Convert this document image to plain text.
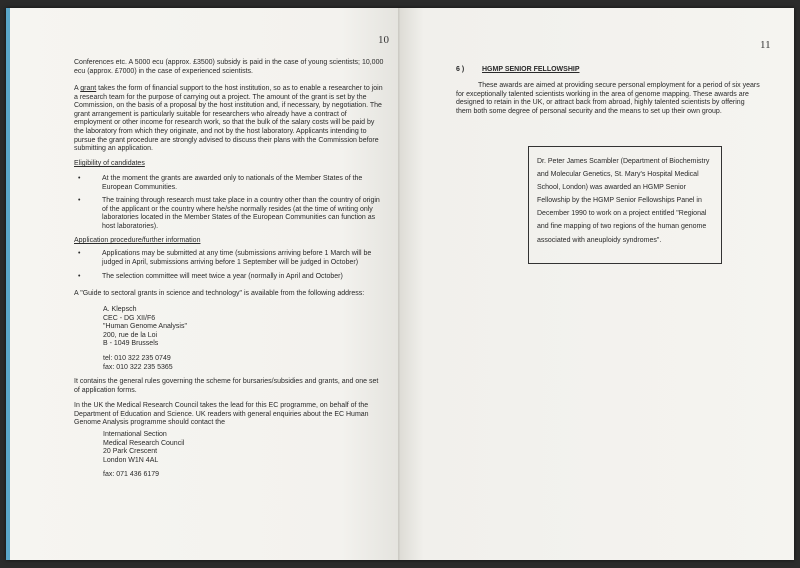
10

Conferences etc. A 5000 ecu (approx. £3500) subsidy is paid in the case of young scientists; 10,000 ecu (approx. £7000) in the case of experienced scientists.

A grant takes the form of financial support to the host institution, so as to enable a researcher to join a research team for the purpose of carrying out a project. The amount of the grant is set by the Commission, on the basis of a proposal by the host institution and, if necessary, by negotiation. The grant arrangement is particularly suitable for researchers who already have a contract of employment or other income for research work, so that the bulk of the salary costs will be paid by the laboratory from which they originate, and not by the host laboratory. Applicants intending to pursue the grant procedure are strongly advised to discuss their plans with the Commission before submitting an application.

Eligibility of candidates

•	At the moment the grants are awarded only to nationals of the Member States of the European Communities.

•	The training through research must take place in a country other than the country of origin of the applicant or the country where he/she normally resides (at the time of writing only laboratories located in the Member States of the European Communities can function as host laboratories).

Application procedure/further information

•	Applications may be submitted at any time (submissions arriving before 1 March will be judged in April, submissions arriving before 1 September will be judged in October)

•	The selection committee will meet twice a year (normally in April and October)

A "Guide to sectoral grants in science and technology" is available from the following address:

A. Klepsch

CEC - DG XII/F6

"Human Genome Analysis"

200, rue de la Loi

B - 1049 Brussels

tel: 010 322 235 0749

fax: 010 322 235 5365

It contains the general rules governing the scheme for bursaries/subsidies and grants, and one set of application forms.

In the UK the Medical Research Council takes the lead for this EC programme, on behalf of the Department of Education and Science. UK readers with general enquiries about the EC Human Genome Analysis programme should contact the

International Section

Medical Research Council

20 Park Crescent

London W1N 4AL

fax: 071 436 6179

11

6 )	HGMP SENIOR FELLOWSHIP

These awards are aimed at providing secure personal employment for a period of six years for exceptionally talented scientists working in the area of genome mapping. These awards are designed to retain in the UK, or attract back from abroad, highly talented scientists by offering them both some degree of personal security and the means to set up their own group.

Dr. Peter James Scambler (Department of Biochemistry and Molecular Genetics, St. Mary's Hospital Medical School, London) was awarded an HGMP Senior Fellowship by the HGMP Senior Fellowships Panel in December 1990 to work on a project entitled "Regional and fine mapping of two regions of the human genome associated with aneuploidy syndromes".
